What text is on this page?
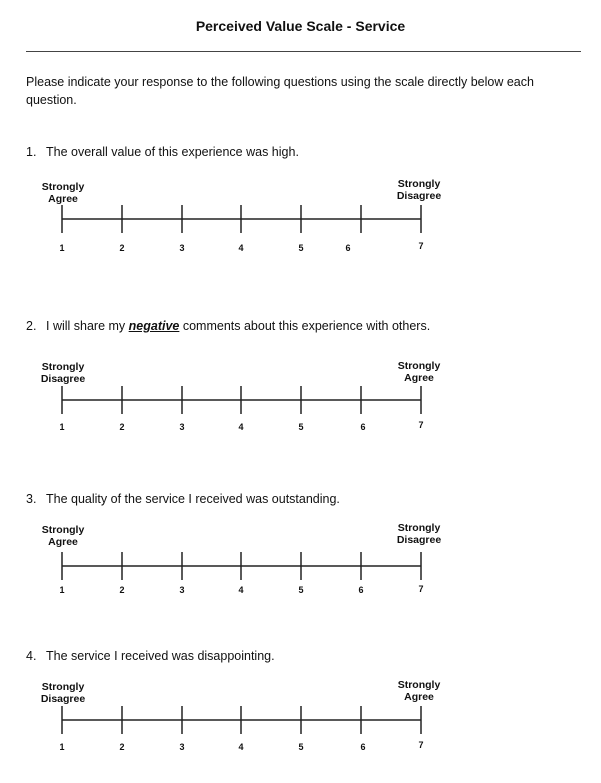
Perceived Value Scale - Service
Please indicate your response to the following questions using the scale directly below each question.
1. The overall value of this experience was high.
Strongly
Agree
Strongly
Disagree
1	2	3	4	5	6	7
2. I will share my negative comments about this experience with others.
Strongly
Disagree
Strongly
Agree
1	2	3	4	5	6	7
3. The quality of the service I received was outstanding.
Strongly
Agree
Strongly
Disagree
1	2	3	4	5	6	7
4. The service I received was disappointing.
Strongly
Disagree
Strongly
Agree
1	2	3	4	5	6	7
